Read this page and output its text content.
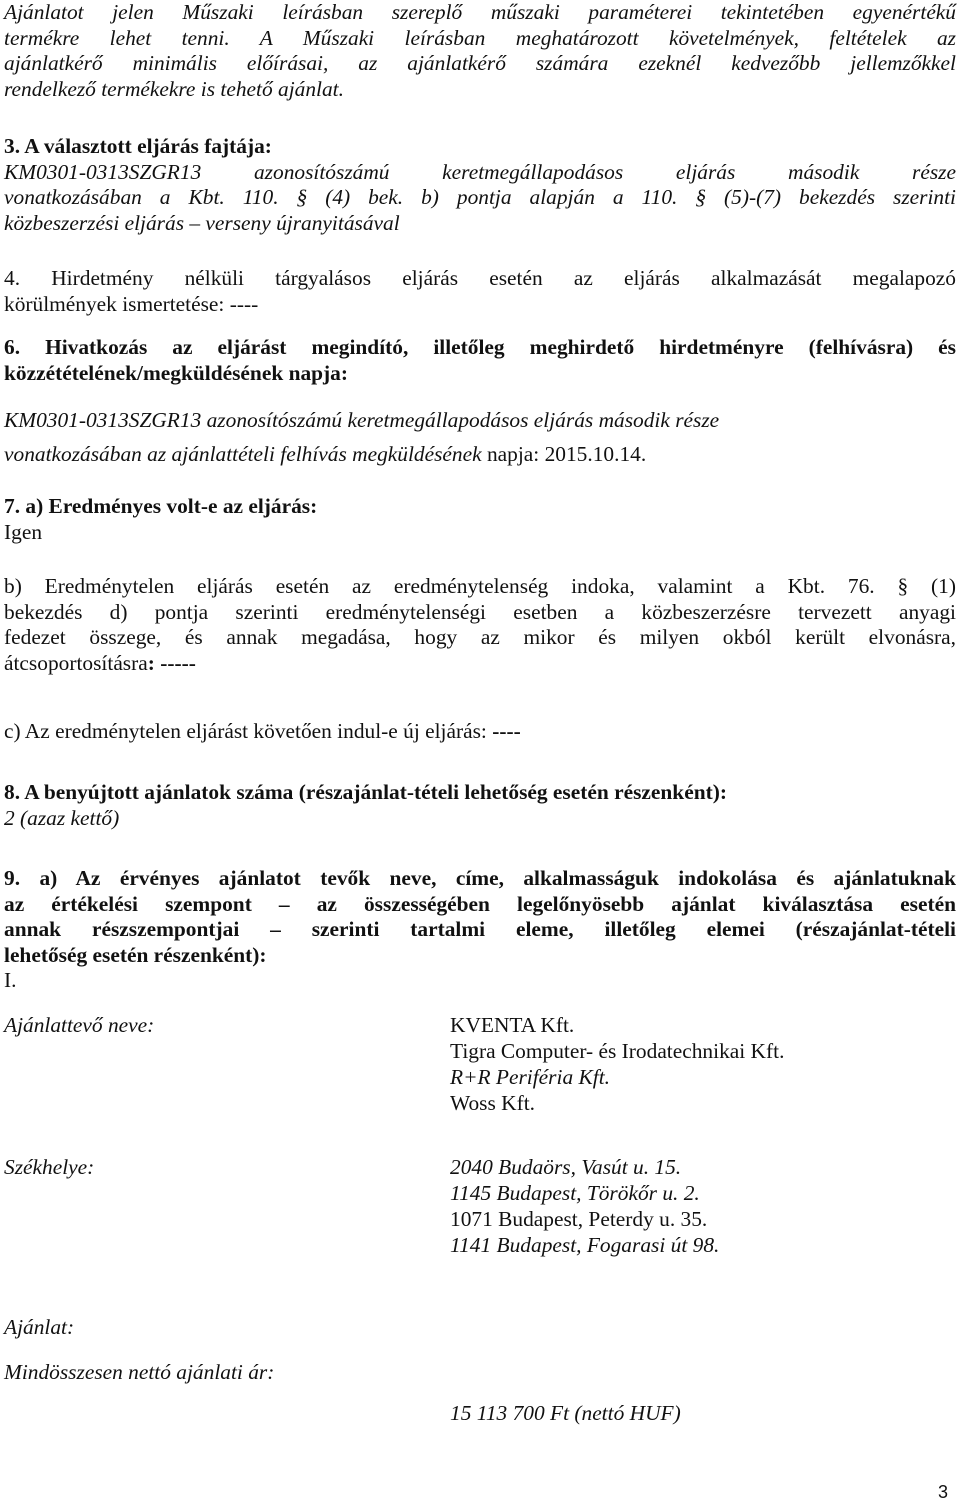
Ajánlatot jelen Műszaki leírásban szereplő műszaki paraméterei tekintetében egyenértékű
termékre lehet tenni. A Műszaki leírásban meghatározott követelmények, feltételek az
ajánlatkérő minimális előírásai, az ajánlatkérő számára ezeknél kedvezőbb jellemzőkkel
rendelkező termékekre is tehető ajánlat.
3. A választott eljárás fajtája:
KM0301-0313SZGR13 azonosítószámú keretmegállapodásos eljárás második része
vonatkozásában a Kbt. 110. § (4) bek. b) pontja alapján a 110. § (5)-(7) bekezdés szerinti
közbeszerzési eljárás – verseny újranyitásával
4. Hirdetmény nélküli tárgyalásos eljárás esetén az eljárás alkalmazását megalapozó
körülmények ismertetése: ----
6. Hivatkozás az eljárást megindító, illetőleg meghirdető hirdetményre (felhívásra) és
közzétételének/megküldésének napja:
KM0301-0313SZGR13 azonosítószámú keretmegállapodásos eljárás második része
vonatkozásában az ajánlattételi felhívás megküldésének napja: 2015.10.14.
7. a) Eredményes volt-e az eljárás:
Igen
b) Eredménytelen eljárás esetén az eredménytelenség indoka, valamint a Kbt. 76. § (1)
bekezdés d) pontja szerinti eredménytelenségi esetben a közbeszerzésre tervezett anyagi
fedezet összege, és annak megadása, hogy az mikor és milyen okból került elvonásra,
átcsoportosításra: -----
c) Az eredménytelen eljárást követően indul-e új eljárás: ----
8. A benyújtott ajánlatok száma (részajánlat-tételi lehetőség esetén részenként):
2 (azaz kettő)
9. a) Az érvényes ajánlatot tevők neve, címe, alkalmasságuk indokolása és ajánlatuknak
az értékelési szempont – az összességében legelőnyösebb ajánlat kiválasztása esetén
annak részszempontjai – szerinti tartalmi eleme, illetőleg elemei (részajánlat-tételi
lehetőség esetén részenként):
I.
Ajánlattevő neve:	KVENTA Kft.
Tigra Computer- és Irodatechnikai Kft.
R+R Periféria Kft.
Woss Kft.
Székhelye:	2040 Budaörs, Vasút u. 15.
1145 Budapest, Törökőr u. 2.
1071 Budapest, Peterdy u. 35.
1141 Budapest, Fogarasi út 98.
Ajánlat:
Mindösszesen nettó ajánlati ár:
15 113 700 Ft (nettó HUF)
3
